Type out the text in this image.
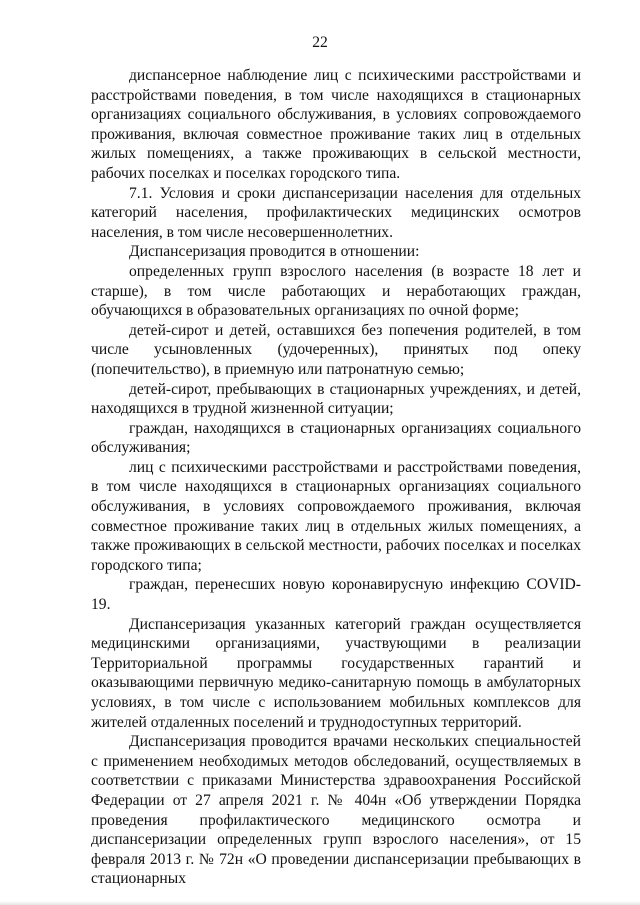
22

диспансерное наблюдение лиц с психическими расстройствами и расстройствами поведения, в том числе находящихся в стационарных организациях социального обслуживания, в условиях сопровождаемого проживания, включая совместное проживание таких лиц в отдельных жилых помещениях, а также проживающих в сельской местности, рабочих поселках и поселках городского типа.

7.1. Условия и сроки диспансеризации населения для отдельных категорий населения, профилактических медицинских осмотров населения, в том числе несовершеннолетних.

Диспансеризация проводится в отношении:

определенных групп взрослого населения (в возрасте 18 лет и старше), в том числе работающих и неработающих граждан, обучающихся в образовательных организациях по очной форме;

детей-сирот и детей, оставшихся без попечения родителей, в том числе усыновленных (удочеренных), принятых под опеку (попечительство), в приемную или патронатную семью;

детей-сирот, пребывающих в стационарных учреждениях, и детей, находящихся в трудной жизненной ситуации;

граждан, находящихся в стационарных организациях социального обслуживания;

лиц с психическими расстройствами и расстройствами поведения, в том числе находящихся в стационарных организациях социального обслуживания, в условиях сопровождаемого проживания, включая совместное проживание таких лиц в отдельных жилых помещениях, а также проживающих в сельской местности, рабочих поселках и поселках городского типа;

граждан, перенесших новую коронавирусную инфекцию COVID-19.

Диспансеризация указанных категорий граждан осуществляется медицинскими организациями, участвующими в реализации Территориальной программы государственных гарантий и оказывающими первичную медико-санитарную помощь в амбулаторных условиях, в том числе с использованием мобильных комплексов для жителей отдаленных поселений и труднодоступных территорий.

Диспансеризация проводится врачами нескольких специальностей с применением необходимых методов обследований, осуществляемых в соответствии с приказами Министерства здравоохранения Российской Федерации от 27 апреля 2021 г. № 404н «Об утверждении Порядка проведения профилактического медицинского осмотра и диспансеризации определенных групп взрослого населения», от 15 февраля 2013 г. № 72н «О проведении диспансеризации пребывающих в стационарных
